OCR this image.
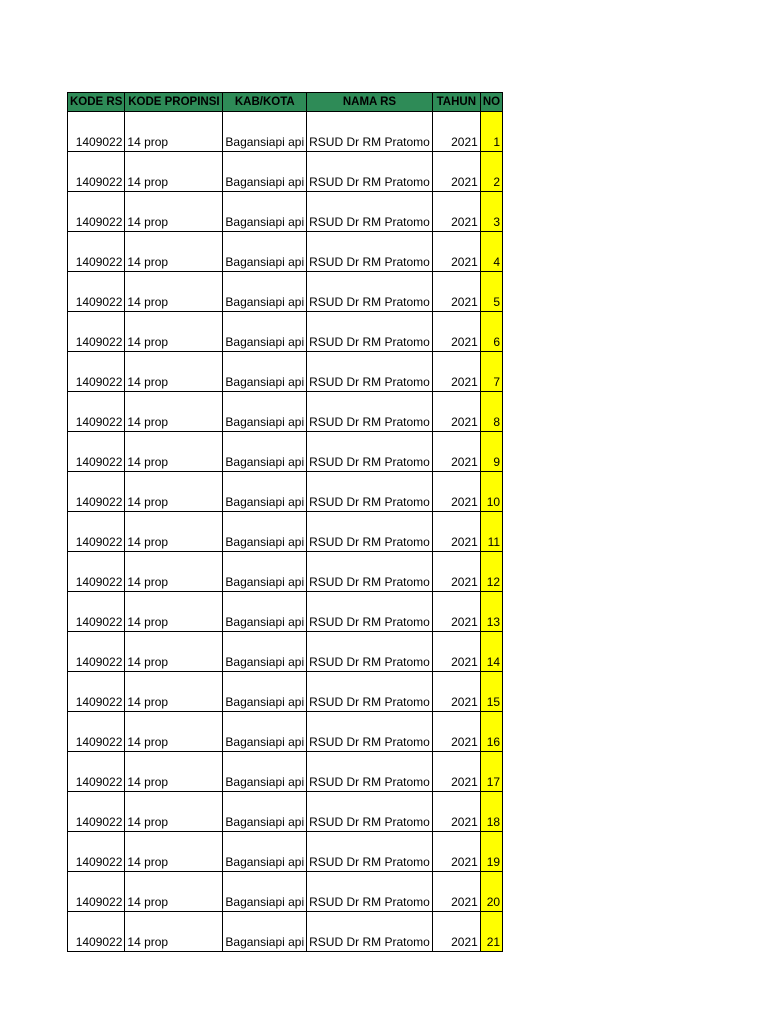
KODE RS	KODE PROPINSI	KAB/KOTA	NAMA RS	TAHUN	NO
1409022	14 prop	Bagansiapi api	RSUD Dr RM Pratomo	2021	1
1409022	14 prop	Bagansiapi api	RSUD Dr RM Pratomo	2021	2
1409022	14 prop	Bagansiapi api	RSUD Dr RM Pratomo	2021	3
1409022	14 prop	Bagansiapi api	RSUD Dr RM Pratomo	2021	4
1409022	14 prop	Bagansiapi api	RSUD Dr RM Pratomo	2021	5
1409022	14 prop	Bagansiapi api	RSUD Dr RM Pratomo	2021	6
1409022	14 prop	Bagansiapi api	RSUD Dr RM Pratomo	2021	7
1409022	14 prop	Bagansiapi api	RSUD Dr RM Pratomo	2021	8
1409022	14 prop	Bagansiapi api	RSUD Dr RM Pratomo	2021	9
1409022	14 prop	Bagansiapi api	RSUD Dr RM Pratomo	2021	10
1409022	14 prop	Bagansiapi api	RSUD Dr RM Pratomo	2021	11
1409022	14 prop	Bagansiapi api	RSUD Dr RM Pratomo	2021	12
1409022	14 prop	Bagansiapi api	RSUD Dr RM Pratomo	2021	13
1409022	14 prop	Bagansiapi api	RSUD Dr RM Pratomo	2021	14
1409022	14 prop	Bagansiapi api	RSUD Dr RM Pratomo	2021	15
1409022	14 prop	Bagansiapi api	RSUD Dr RM Pratomo	2021	16
1409022	14 prop	Bagansiapi api	RSUD Dr RM Pratomo	2021	17
1409022	14 prop	Bagansiapi api	RSUD Dr RM Pratomo	2021	18
1409022	14 prop	Bagansiapi api	RSUD Dr RM Pratomo	2021	19
1409022	14 prop	Bagansiapi api	RSUD Dr RM Pratomo	2021	20
1409022	14 prop	Bagansiapi api	RSUD Dr RM Pratomo	2021	21
